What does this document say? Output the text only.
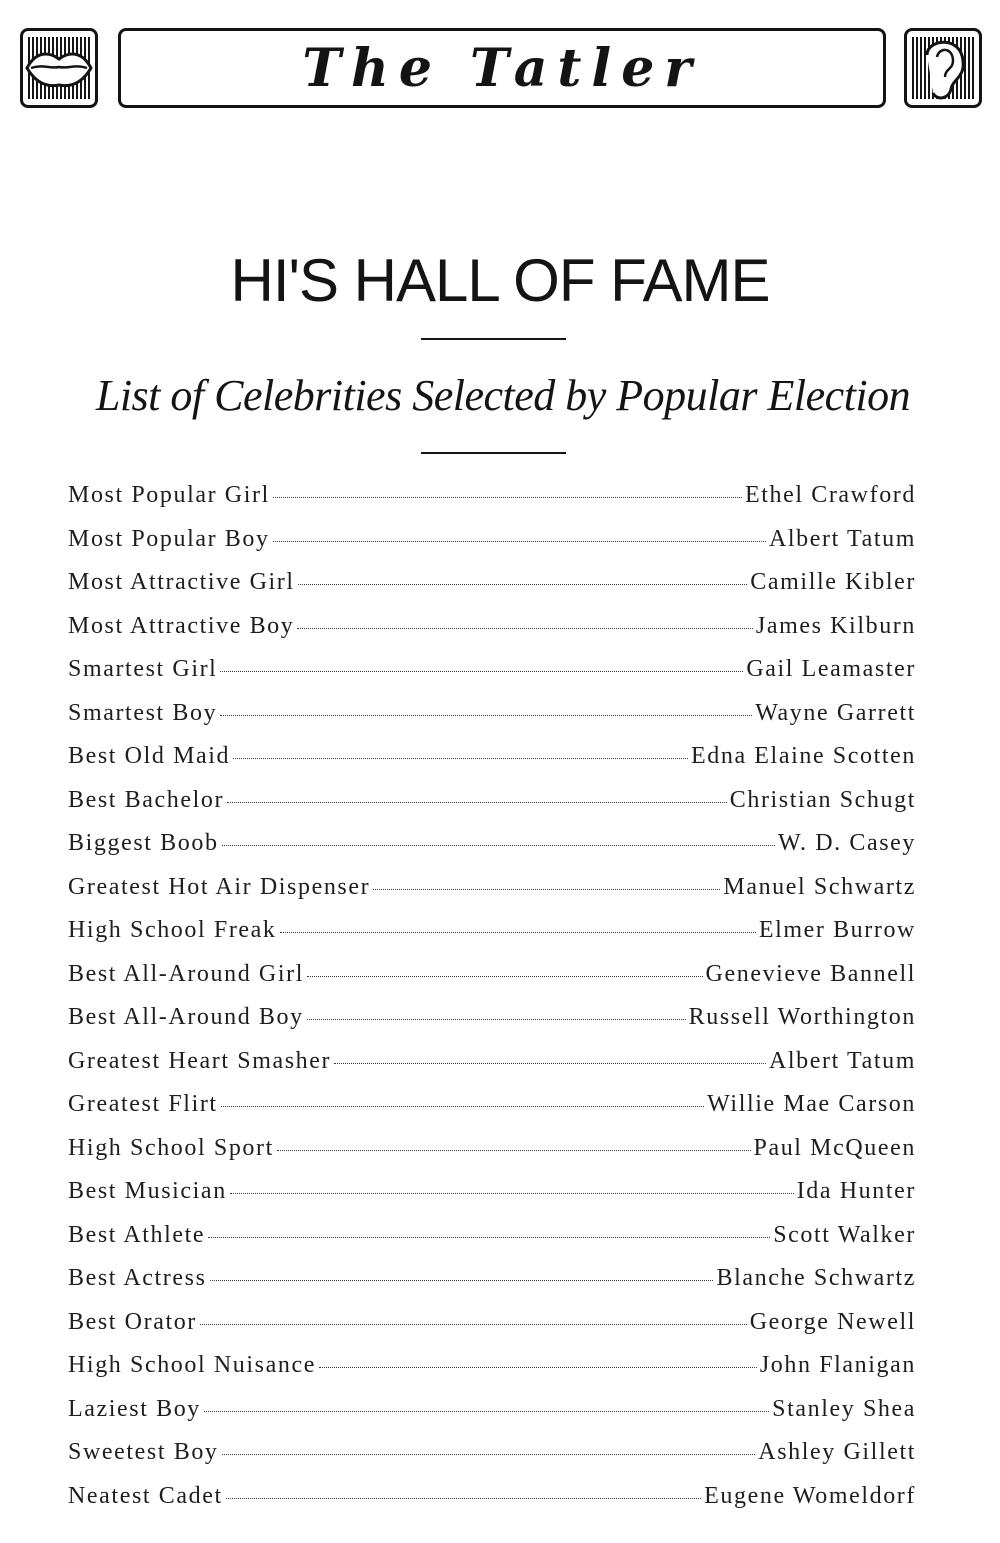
The Tatler
HI'S HALL OF FAME
List of Celebrities Selected by Popular Election
Most Popular Girl	Ethel Crawford
Most Popular Boy	Albert Tatum
Most Attractive Girl	Camille Kibler
Most Attractive Boy	James Kilburn
Smartest Girl	Gail Leamaster
Smartest Boy	Wayne Garrett
Best Old Maid	Edna Elaine Scotten
Best Bachelor	Christian Schugt
Biggest Boob	W. D. Casey
Greatest Hot Air Dispenser	Manuel Schwartz
High School Freak	Elmer Burrow
Best All-Around Girl	Genevieve Bannell
Best All-Around Boy	Russell Worthington
Greatest Heart Smasher	Albert Tatum
Greatest Flirt	Willie Mae Carson
High School Sport	Paul McQueen
Best Musician	Ida Hunter
Best Athlete	Scott Walker
Best Actress	Blanche Schwartz
Best Orator	George Newell
High School Nuisance	John Flanigan
Laziest Boy	Stanley Shea
Sweetest Boy	Ashley Gillett
Neatest Cadet	Eugene Womeldorf
